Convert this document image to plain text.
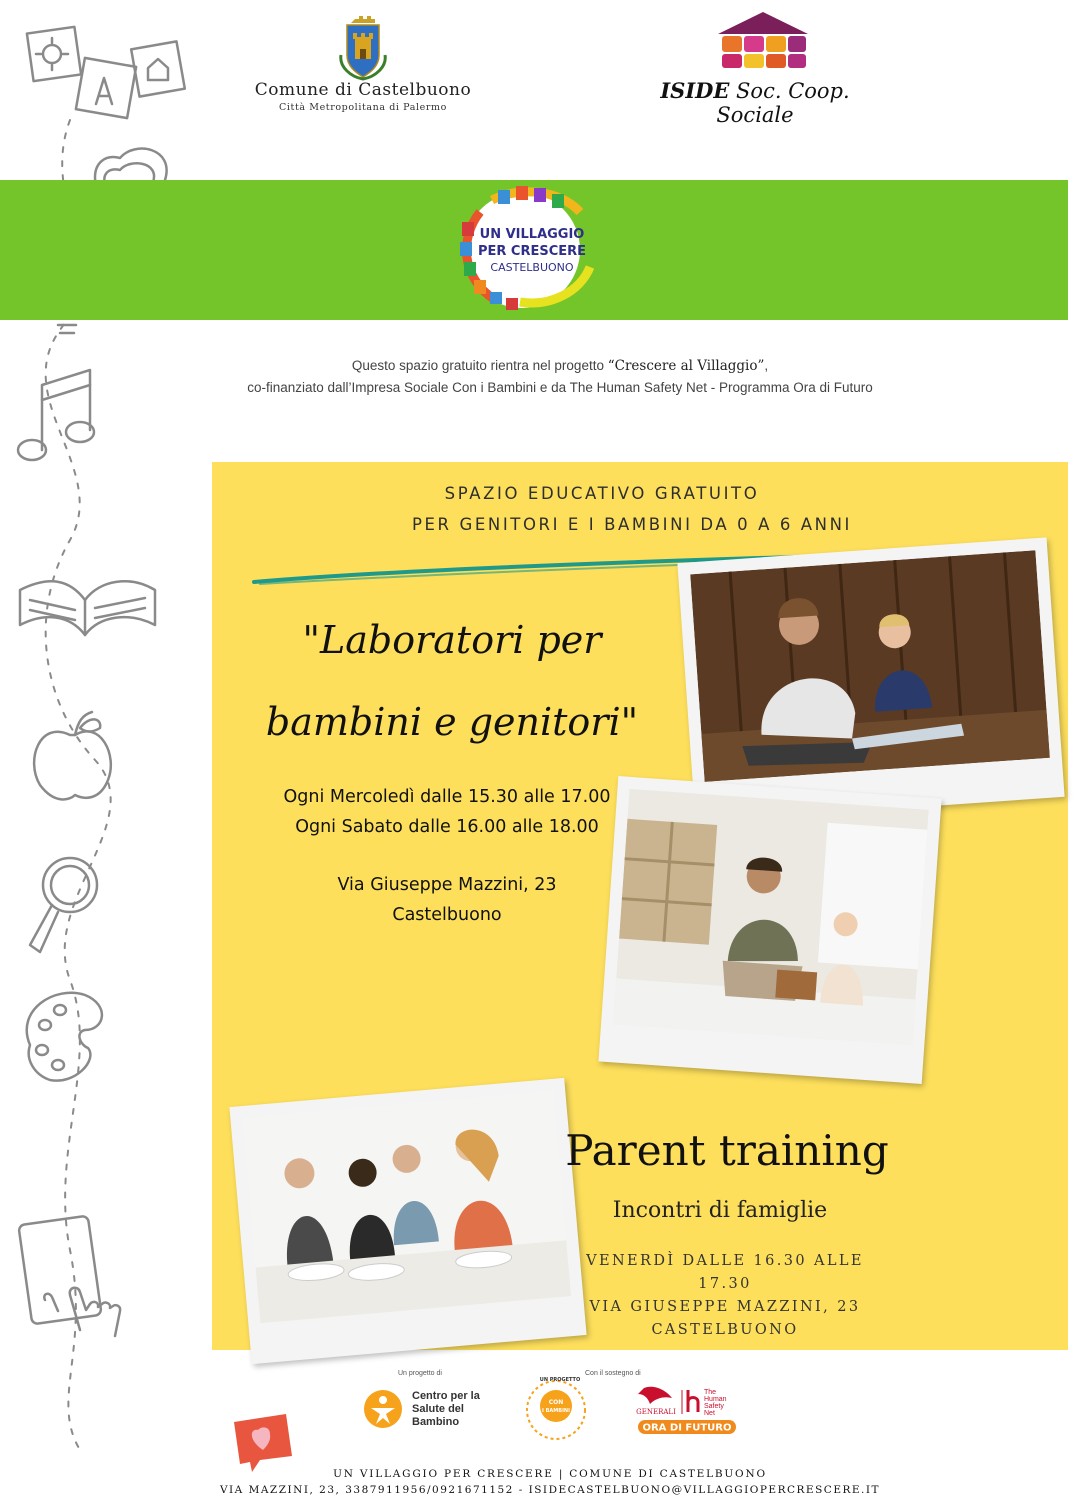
Comune di Castelbuono
Città Metropolitana di Palermo
ISIDE Soc. Coop. Sociale
UN VILLAGGIO
PER CRESCERE
CASTELBUONO
Questo spazio gratuito rientra nel progetto “Crescere al Villaggio”,
co-finanziato dall’Impresa Sociale Con i Bambini e da The Human Safety Net - Programma Ora di Futuro
SPAZIO EDUCATIVO GRATUITO
PER GENITORI E I BAMBINI DA 0 A 6 ANNI
"Laboratori per
bambini e genitori"
Ogni Mercoledì dalle 15.30 alle 17.00
Ogni Sabato dalle 16.00 alle 18.00
Via Giuseppe Mazzini, 23
Castelbuono
Parent training
Incontri di famiglie
VENERDÌ DALLE 16.30 ALLE 17.30
VIA GIUSEPPE MAZZINI, 23
CASTELBUONO
Un progetto di
Centro per la
Salute del
Bambino
Con il sostegno di
CON
I BAMBINI
UN PROGETTO
GENERALI
The
Human
Safety
Net
ORA DI FUTURO
UN VILLAGGIO PER CRESCERE | COMUNE DI CASTELBUONO
VIA MAZZINI, 23, 3387911956/0921671152 - ISIDECASTELBUONO@VILLAGGIOPERCRESCERE.IT
